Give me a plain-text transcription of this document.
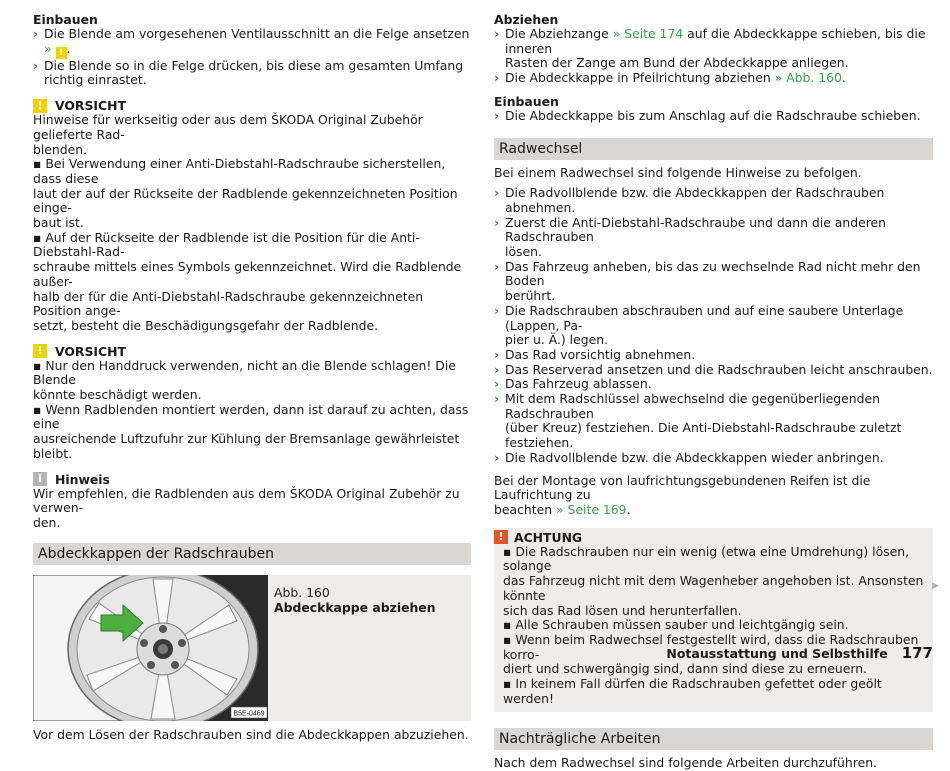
Einbauen
› Die Blende am vorgesehenen Ventilausschnitt an die Felge ansetzen » ! .
› Die Blende so in die Felge drücken, bis diese am gesamten Umfang richtig einrastet.
!	VORSICHT
Hinweise für werkseitig oder aus dem ŠKODA Original Zubehör gelieferte Rad-
blenden.
▪ Bei Verwendung einer Anti-Diebstahl-Radschraube sicherstellen, dass diese
laut der auf der Rückseite der Radblende gekennzeichneten Position einge-
baut ist.
▪ Auf der Rückseite der Radblende ist die Position für die Anti-Diebstahl-Rad-
schraube mittels eines Symbols gekennzeichnet. Wird die Radblende außer-
halb der für die Anti-Diebstahl-Radschraube gekennzeichneten Position ange-
setzt, besteht die Beschädigungsgefahr der Radblende.
!	VORSICHT
▪ Nur den Handdruck verwenden, nicht an die Blende schlagen! Die Blende
könnte beschädigt werden.
▪ Wenn Radblenden montiert werden, dann ist darauf zu achten, dass eine
ausreichende Luftzufuhr zur Kühlung der Bremsanlage gewährleistet bleibt.
i	Hinweis
Wir empfehlen, die Radblenden aus dem ŠKODA Original Zubehör zu verwen-
den.
Abdeckkappen der Radschrauben
B5E-0469
Abb. 160
Abdeckkappe abziehen
Vor dem Lösen der Radschrauben sind die Abdeckkappen abzuziehen.
Abziehen
› Die Abziehzange » Seite 174 auf die Abdeckkappe schieben, bis die inneren
Rasten der Zange am Bund der Abdeckkappe anliegen.
› Die Abdeckkappe in Pfeilrichtung abziehen » Abb. 160.
Einbauen
› Die Abdeckkappe bis zum Anschlag auf die Radschraube schieben.
Radwechsel
Bei einem Radwechsel sind folgende Hinweise zu befolgen.
› Die Radvollblende bzw. die Abdeckkappen der Radschrauben abnehmen.
› Zuerst die Anti-Diebstahl-Radschraube und dann die anderen Radschrauben
lösen.
› Das Fahrzeug anheben, bis das zu wechselnde Rad nicht mehr den Boden
berührt.
› Die Radschrauben abschrauben und auf eine saubere Unterlage (Lappen, Pa-
pier u. Ä.) legen.
› Das Rad vorsichtig abnehmen.
› Das Reserverad ansetzen und die Radschrauben leicht anschrauben.
› Das Fahrzeug ablassen.
› Mit dem Radschlüssel abwechselnd die gegenüberliegenden Radschrauben
(über Kreuz) festziehen. Die Anti-Diebstahl-Radschraube zuletzt festziehen.
› Die Radvollblende bzw. die Abdeckkappen wieder anbringen.
Bei der Montage von laufrichtungsgebundenen Reifen ist die Laufrichtung zu
beachten » Seite 169.
! ACHTUNG
▪ Die Radschrauben nur ein wenig (etwa eine Umdrehung) lösen, solange
das Fahrzeug nicht mit dem Wagenheber angehoben ist. Ansonsten könnte
sich das Rad lösen und herunterfallen.
▪ Alle Schrauben müssen sauber und leichtgängig sein.
▪ Wenn beim Radwechsel festgestellt wird, dass die Radschrauben korro-
diert und schwergängig sind, dann sind diese zu erneuern.
▪ In keinem Fall dürfen die Radschrauben gefettet oder geölt werden!
Nachträgliche Arbeiten
Nach dem Radwechsel sind folgende Arbeiten durchzuführen.
▶
Notausstattung und Selbsthilfe 177
